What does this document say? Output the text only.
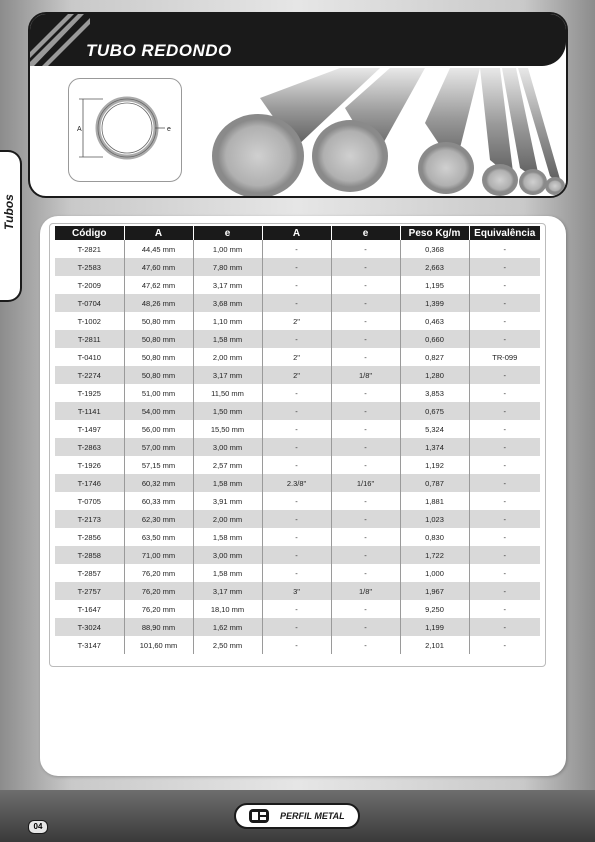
TUBO REDONDO
A	e
Tubos
Código	A	e	A	e	Peso Kg/m	Equivalência
T-2821	44,45 mm	1,00 mm	-	-	0,368	-
T-2583	47,60 mm	7,80 mm	-	-	2,663	-
T-2009	47,62 mm	3,17 mm	-	-	1,195	-
T-0704	48,26 mm	3,68 mm	-	-	1,399	-
T-1002	50,80 mm	1,10 mm	2"	-	0,463	-
T-2811	50,80 mm	1,58 mm	-	-	0,660	-
T-0410	50,80 mm	2,00 mm	2"	-	0,827	TR-099
T-2274	50,80 mm	3,17 mm	2"	1/8"	1,280	-
T-1925	51,00 mm	11,50 mm	-	-	3,853	-
T-1141	54,00 mm	1,50 mm	-	-	0,675	-
T-1497	56,00 mm	15,50 mm	-	-	5,324	-
T-2863	57,00 mm	3,00 mm	-	-	1,374	-
T-1926	57,15 mm	2,57 mm	-	-	1,192	-
T-1746	60,32 mm	1,58 mm	2.3/8"	1/16"	0,787	-
T-0705	60,33 mm	3,91 mm	-	-	1,881	-
T-2173	62,30 mm	2,00 mm	-	-	1,023	-
T-2856	63,50 mm	1,58 mm	-	-	0,830	-
T-2858	71,00 mm	3,00 mm	-	-	1,722	-
T-2857	76,20 mm	1,58 mm	-	-	1,000	-
T-2757	76,20 mm	3,17 mm	3"	1/8"	1,967	-
T-1647	76,20 mm	18,10 mm	-	-	9,250	-
T-3024	88,90 mm	1,62 mm	-	-	1,199	-
T-3147	101,60 mm	2,50 mm	-	-	2,101	-
04
PERFIL METAL
